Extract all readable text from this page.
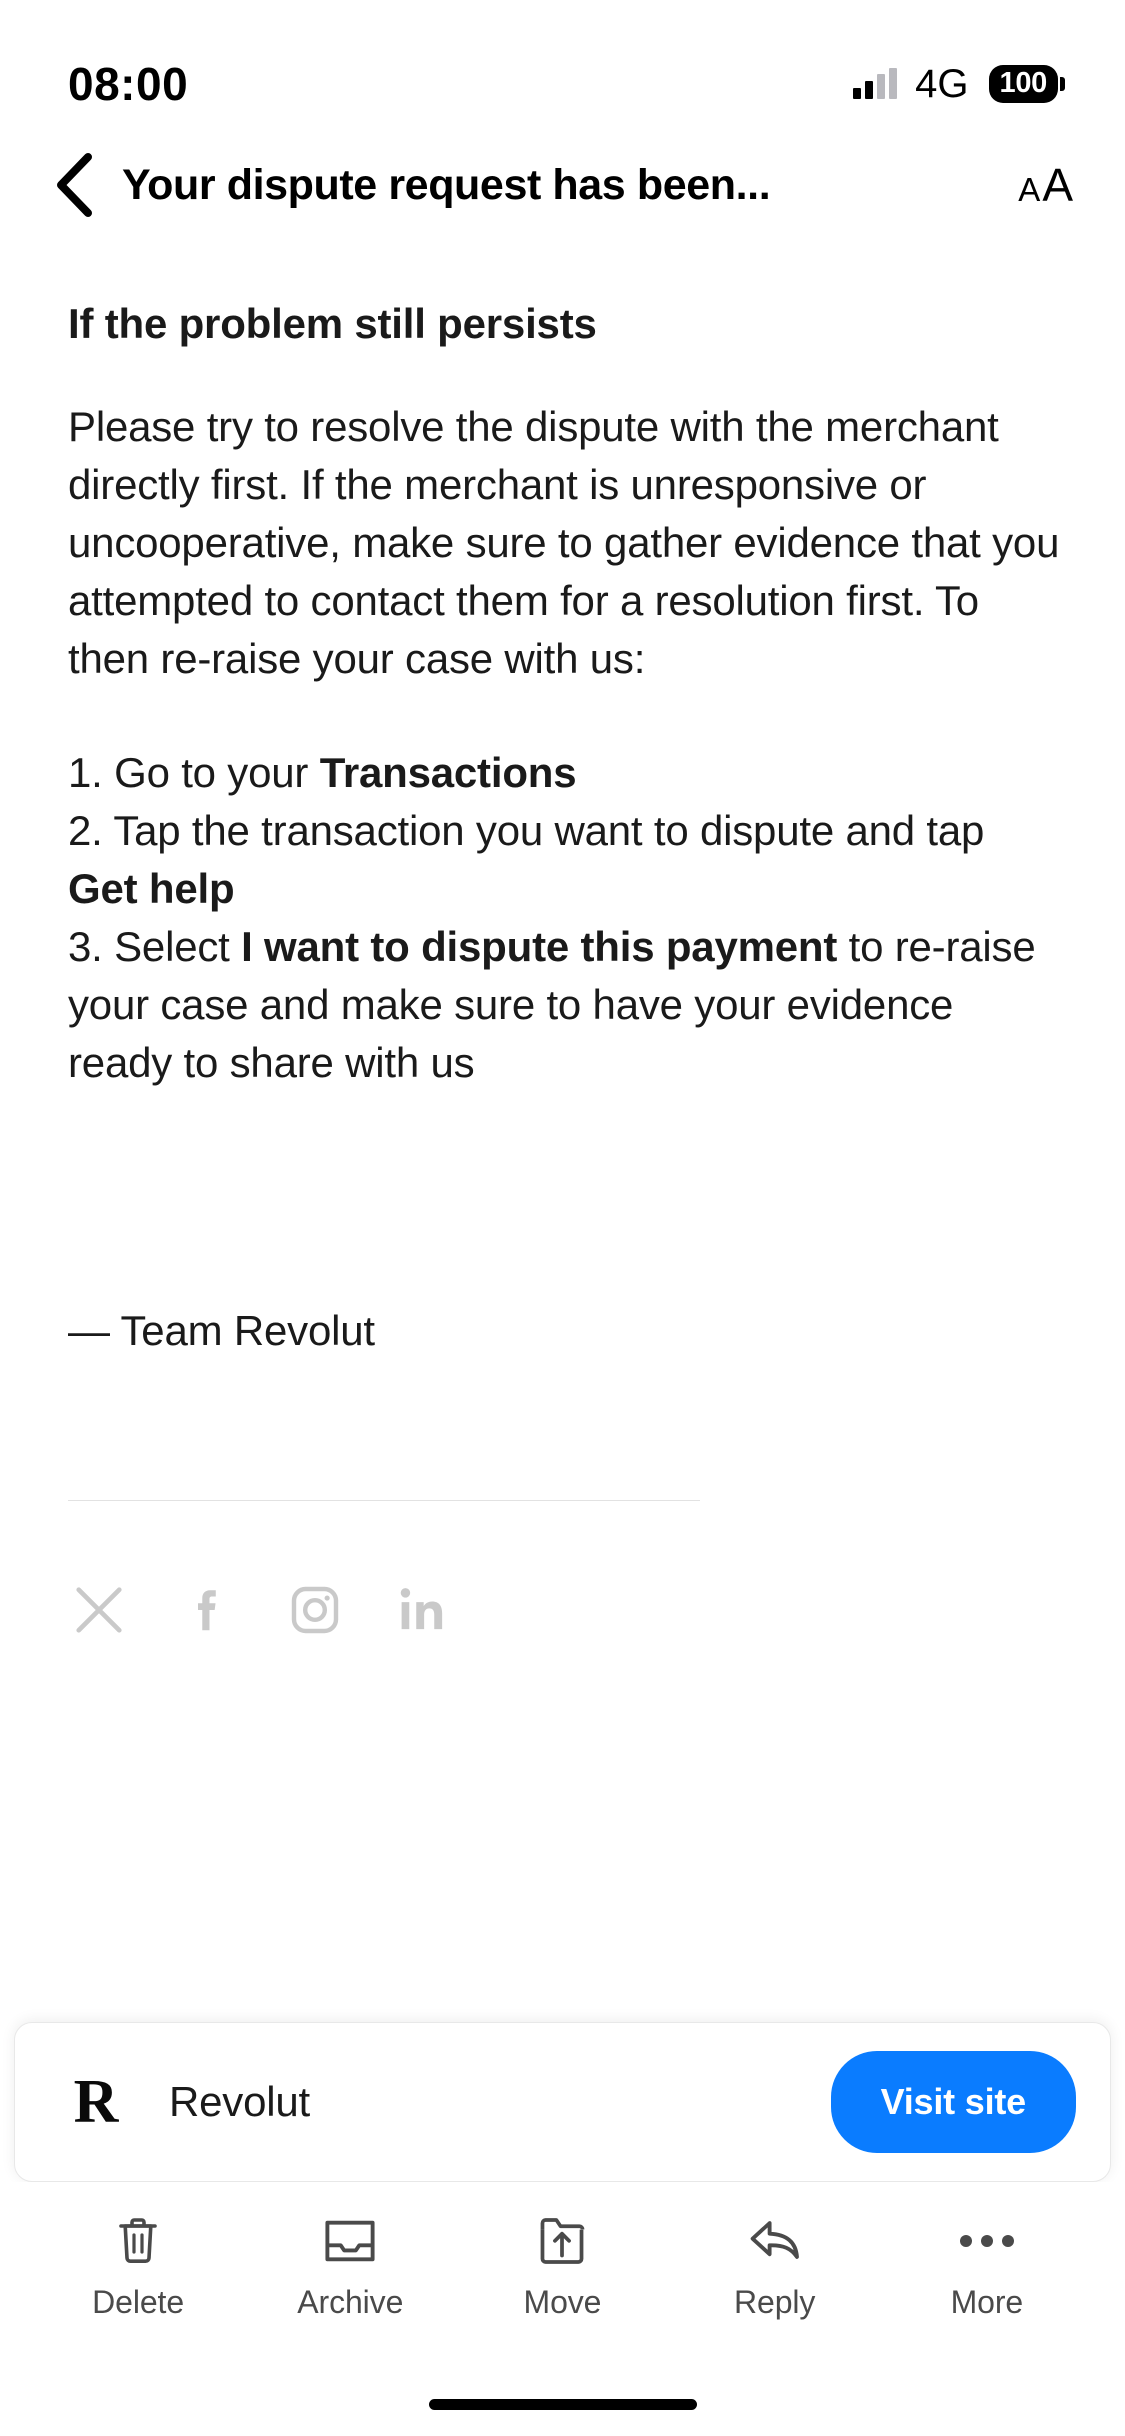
08:00	4G	100
Your dispute request has been...	A A
If the problem still persists
Please try to resolve the dispute with the merchant directly first. If the merchant is unresponsive or uncooperative, make sure to gather evidence that you attempted to contact them for a resolution first. To then re-raise your case with us:
1. Go to your Transactions
2. Tap the transaction you want to dispute and tap Get help
3. Select I want to dispute this payment to re-raise your case and make sure to have your evidence ready to share with us
— Team Revolut
R	Revolut	Visit site
Delete	Archive	Move	Reply	More
